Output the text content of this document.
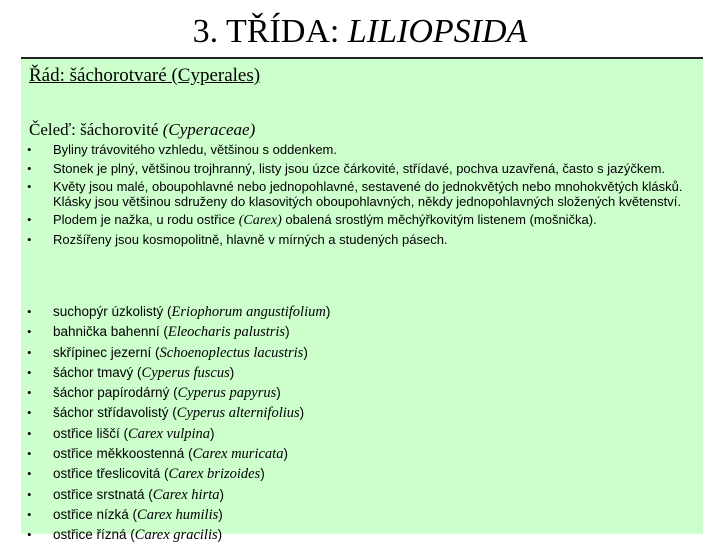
3. TŘÍDA: LILIOPSIDA
Řád: šáchorotvaré (Cyperales)
Čeleď: šáchorovité (Cyperaceae)
• Byliny trávovitého vzhledu, většinou s oddenkem.
• Stonek je plný, většinou trojhranný, listy jsou úzce čárkovité, střídavé, pochva uzavřená, často s jazýčkem.
• Květy jsou malé, oboupohlavné nebo jednopohlavné, sestavené do jednokvětých nebo mnohokvětých klásků. Klásky jsou většinou sdruženy do klasovitých oboupohlavných, někdy jednopohlavných složených květenství.
• Plodem je nažka, u rodu ostřice (Carex) obalená srostlým měchýřkovitým listenem (mošnička).
• Rozšířeny jsou kosmopolitně, hlavně v mírných a studených pásech.
• suchopýr úzkolistý (Eriophorum angustifolium)
• bahnička bahenní (Eleocharis palustris)
• skřípinec jezerní (Schoenoplectus lacustris)
• šáchor tmavý (Cyperus fuscus)
• šáchor papírodárný (Cyperus papyrus)
• šáchor střídavolistý (Cyperus alternifolius)
• ostřice liščí (Carex vulpina)
• ostřice měkkoostenná (Carex muricata)
• ostřice třeslicovitá (Carex brizoides)
• ostřice srstnatá (Carex hirta)
• ostřice nízká (Carex humilis)
• ostřice řízná (Carex gracilis)
